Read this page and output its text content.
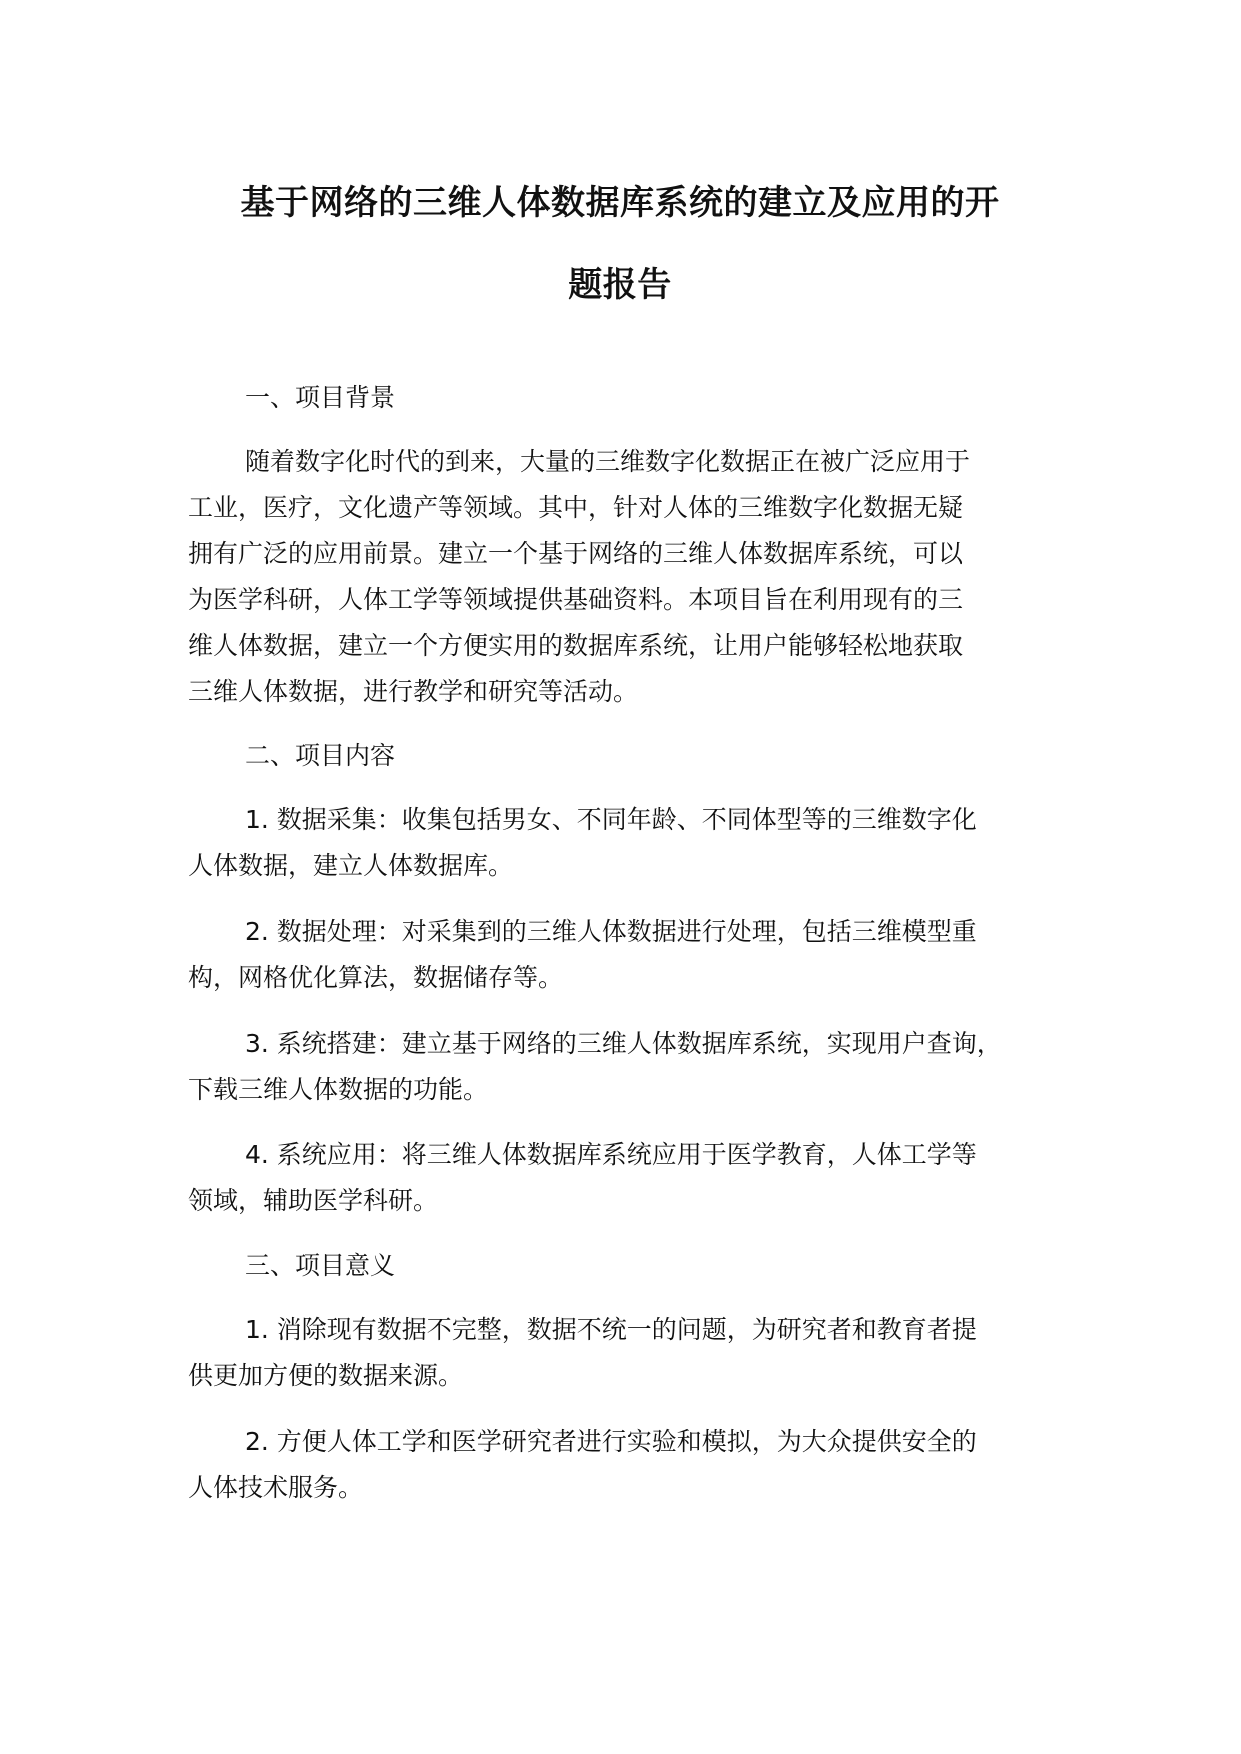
基于网络的三维人体数据库系统的建立及应用的开
题报告
一、项目背景
随着数字化时代的到来，大量的三维数字化数据正在被广泛应用于
工业，医疗，文化遗产等领域。其中，针对人体的三维数字化数据无疑
拥有广泛的应用前景。建立一个基于网络的三维人体数据库系统，可以
为医学科研，人体工学等领域提供基础资料。本项目旨在利用现有的三
维人体数据，建立一个方便实用的数据库系统，让用户能够轻松地获取
三维人体数据，进行教学和研究等活动。
二、项目内容
1. 数据采集：收集包括男女、不同年龄、不同体型等的三维数字化
人体数据，建立人体数据库。
2. 数据处理：对采集到的三维人体数据进行处理，包括三维模型重
构，网格优化算法，数据储存等。
3. 系统搭建：建立基于网络的三维人体数据库系统，实现用户查询，
下载三维人体数据的功能。
4. 系统应用：将三维人体数据库系统应用于医学教育，人体工学等
领域，辅助医学科研。
三、项目意义
1. 消除现有数据不完整，数据不统一的问题，为研究者和教育者提
供更加方便的数据来源。
2. 方便人体工学和医学研究者进行实验和模拟，为大众提供安全的
人体技术服务。
